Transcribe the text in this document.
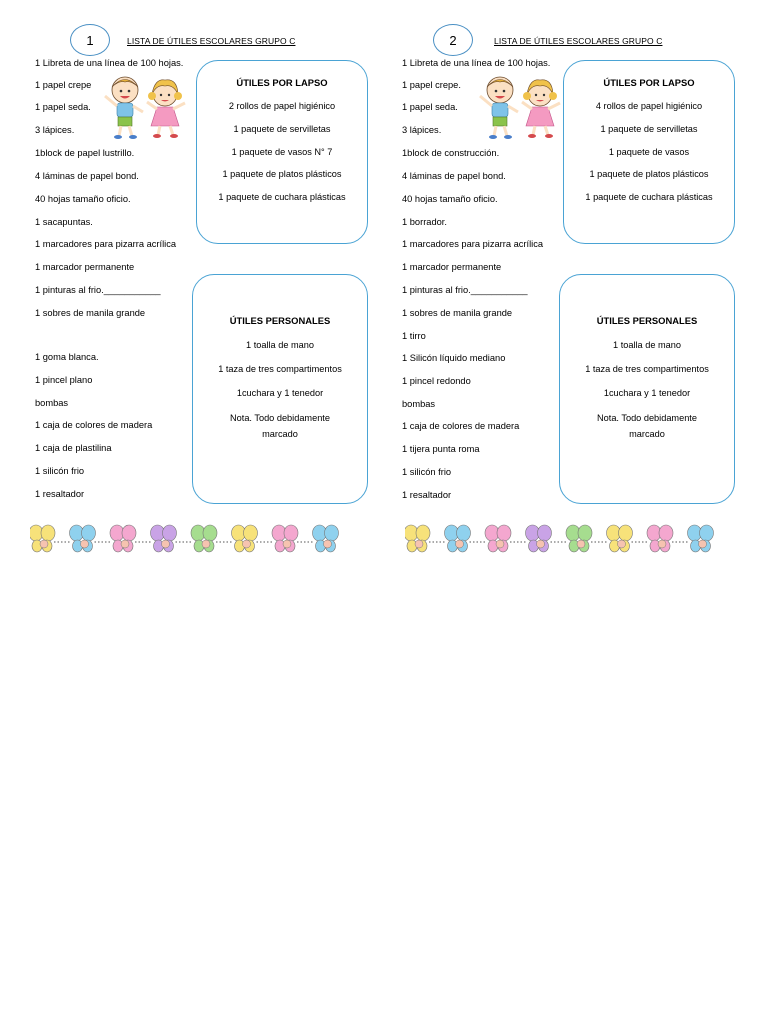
1	LISTA DE ÚTILES ESCOLARES GRUPO C
1 Libreta de una línea de 100 hojas.
1 papel crepe
1 papel seda.
3 lápices.
1block de papel lustrillo.
4 láminas de papel bond.
40 hojas tamaño oficio.
1 sacapuntas.
1 marcadores para pizarra acrílica
1 marcador permanente
1 pinturas al frio.___________
1 sobres de manila grande
1 goma blanca.
1 pincel plano
bombas
1 caja de colores de madera
1 caja de plastilina
1 silicón frio
1 resaltador
ÚTILES POR LAPSO
2 rollos de papel higiénico
1 paquete de servilletas
1 paquete de vasos N° 7
1 paquete de platos plásticos
1 paquete de cuchara plásticas
ÚTILES PERSONALES
1 toalla de mano
1 taza de tres compartimentos
1cuchara y 1 tenedor
Nota. Todo debidamente
marcado
2	LISTA DE ÚTILES ESCOLARES GRUPO C
1 Libreta de una línea de 100 hojas.
1 papel crepe.
1 papel seda.
3 lápices.
1block de construcción.
4 láminas de papel bond.
40 hojas tamaño oficio.
1 borrador.
1 marcadores para pizarra acrílica
1 marcador permanente
1 pinturas al frio.___________
1 sobres de manila grande
1 tirro
1 Silicón líquido mediano
1 pincel redondo
bombas
1 caja de colores de madera
1 tijera punta roma
1 silicón frio
1 resaltador
ÚTILES POR LAPSO
4 rollos de papel higiénico
1 paquete de servilletas
1 paquete de vasos
1 paquete de platos plásticos
1 paquete de cuchara plásticas
ÚTILES PERSONALES
1 toalla de mano
1 taza de tres compartimentos
1cuchara y 1 tenedor
Nota. Todo debidamente
marcado
